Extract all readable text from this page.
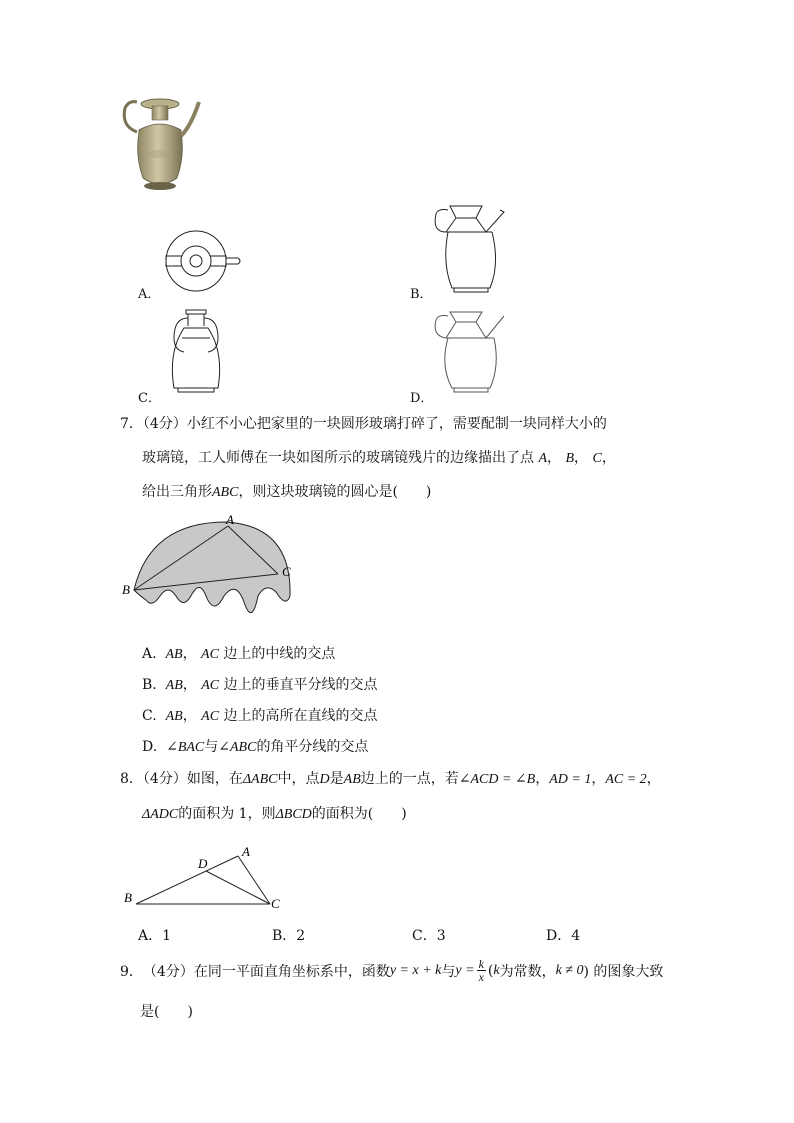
A．	B．
C．	D．
7．（4分）小红不小心把家里的一块圆形玻璃打碎了，需要配制一块同样大小的
玻璃镜，工人师傅在一块如图所示的玻璃镜残片的边缘描出了点 A， B， C，
给出三角形ABC，则这块玻璃镜的圆心是(　　)
A
B
C
A. AB， AC 边上的中线的交点
B. AB， AC 边上的垂直平分线的交点
C. AB， AC 边上的高所在直线的交点
D. ∠BAC与∠ABC的角平分线的交点
8．（4分）如图，在ΔABC中，点D是AB边上的一点，若∠ACD = ∠B，AD = 1，AC = 2，
ΔADC的面积为 1，则ΔBCD的面积为(　　)
A
B	C
D
A．1	B．2	C．3	D．4
9． （4分） 在同一平面直角坐标系中，函数 y = x + k 与 $y = \frac{k}{x}$ ( k 为常数， k ≠ 0 ) 的图象大致
是(　　)
